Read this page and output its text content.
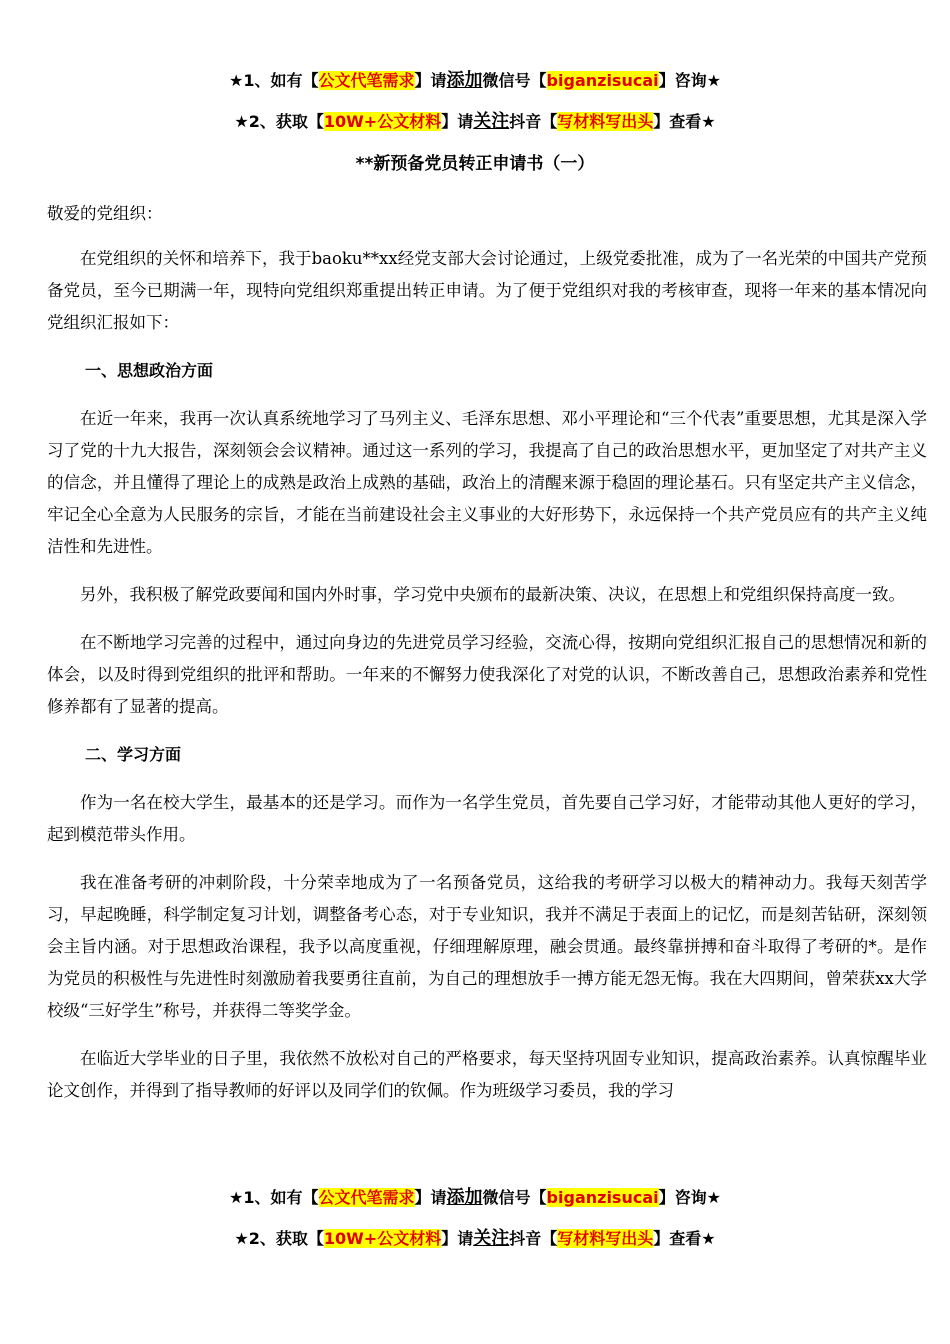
★1、如有【公文代笔需求】请添加微信号【biganzisucai】咨询★
★2、获取【10W+公文材料】请关注抖音【写材料写出头】查看★
**新预备党员转正申请书（一）

敬爱的党组织：

在党组织的关怀和培养下，我于baoku**xx经党支部大会讨论通过，上级党委批准，成为了一名光荣的中国共产党预备党员，至今已期满一年，现特向党组织郑重提出转正申请。为了便于党组织对我的考核审查，现将一年来的基本情况向党组织汇报如下：

一、思想政治方面

在近一年来，我再一次认真系统地学习了马列主义、毛泽东思想、邓小平理论和“三个代表”重要思想，尤其是深入学习了党的十九大报告，深刻领会会议精神。通过这一系列的学习，我提高了自己的政治思想水平，更加坚定了对共产主义的信念，并且懂得了理论上的成熟是政治上成熟的基础，政治上的清醒来源于稳固的理论基石。只有坚定共产主义信念，牢记全心全意为人民服务的宗旨，才能在当前建设社会主义事业的大好形势下，永远保持一个共产党员应有的共产主义纯洁性和先进性。

另外，我积极了解党政要闻和国内外时事，学习党中央颁布的最新决策、决议，在思想上和党组织保持高度一致。

在不断地学习完善的过程中，通过向身边的先进党员学习经验，交流心得，按期向党组织汇报自己的思想情况和新的体会，以及时得到党组织的批评和帮助。一年来的不懈努力使我深化了对党的认识，不断改善自己，思想政治素养和党性修养都有了显著的提高。

二、学习方面

作为一名在校大学生，最基本的还是学习。而作为一名学生党员，首先要自己学习好，才能带动其他人更好的学习，起到模范带头作用。

我在准备考研的冲刺阶段，十分荣幸地成为了一名预备党员，这给我的考研学习以极大的精神动力。我每天刻苦学习，早起晚睡，科学制定复习计划，调整备考心态，对于专业知识，我并不满足于表面上的记忆，而是刻苦钻研，深刻领会主旨内涵。对于思想政治课程，我予以高度重视，仔细理解原理，融会贯通。最终靠拼搏和奋斗取得了考研的*。是作为党员的积极性与先进性时刻激励着我要勇往直前，为自己的理想放手一搏方能无怨无悔。我在大四期间，曾荣获xx大学校级“三好学生”称号，并获得二等奖学金。

在临近大学毕业的日子里，我依然不放松对自己的严格要求，每天坚持巩固专业知识，提高政治素养。认真惊醒毕业论文创作，并得到了指导教师的好评以及同学们的钦佩。作为班级学习委员，我的学习

★1、如有【公文代笔需求】请添加微信号【biganzisucai】咨询★
★2、获取【10W+公文材料】请关注抖音【写材料写出头】查看★
